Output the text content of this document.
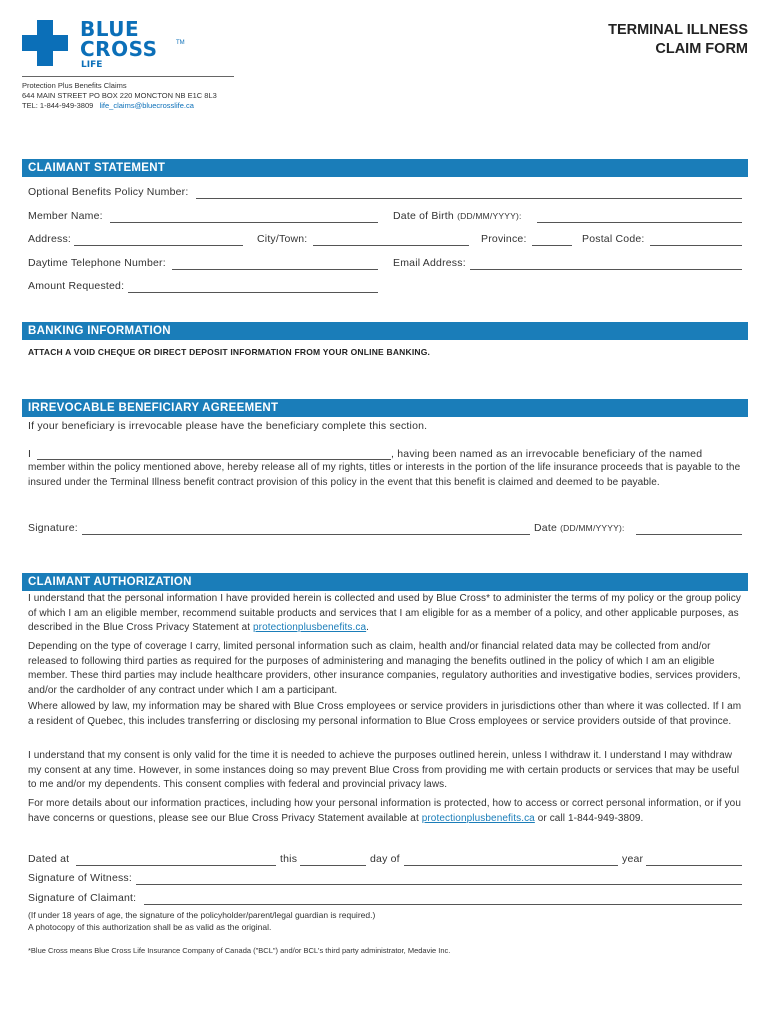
BLUE
CROSS	TM
LIFE
Protection Plus Benefits Claims
644 MAIN STREET PO BOX 220 MONCTON NB E1C 8L3
TEL: 1-844-949-3809 life_claims@bluecrosslife.ca
TERMINAL ILLNESS
CLAIM FORM
CLAIMANT STATEMENT
Optional Benefits Policy Number:
Member Name:	Date of Birth (DD/MM/YYYY):
Address:	City/Town:	Province:	Postal Code:
Daytime Telephone Number:	Email Address:
Amount Requested:
BANKING INFORMATION
ATTACH A VOID CHEQUE OR DIRECT DEPOSIT INFORMATION FROM YOUR ONLINE BANKING.
IRREVOCABLE BENEFICIARY AGREEMENT
If your beneficiary is irrevocable please have the beneficiary complete this section.
I	, having been named as an irrevocable beneficiary of the named
member within the policy mentioned above, hereby release all of my rights, titles or interests in the portion of the life insurance proceeds that is payable to the insured under the Terminal Illness benefit contract provision of this policy in the event that this benefit is claimed and deemed to be payable.
Signature:	Date (DD/MM/YYYY):
CLAIMANT AUTHORIZATION
I understand that the personal information I have provided herein is collected and used by Blue Cross* to administer the terms of my policy or the group policy of which I am an eligible member, recommend suitable products and services that I am eligible for as a member of a policy, and other applicable purposes, as described in the Blue Cross Privacy Statement at protectionplusbenefits.ca.
Depending on the type of coverage I carry, limited personal information such as claim, health and/or financial related data may be collected from and/or released to following third parties as required for the purposes of administering and managing the benefits outlined in the policy of which I am an eligible member. These third parties may include healthcare providers, other insurance companies, regulatory authorities and investigative bodies, services providers, and/or the cardholder of any contract under which I am a participant.
Where allowed by law, my information may be shared with Blue Cross employees or service providers in jurisdictions other than where it was collected. If I am a resident of Quebec, this includes transferring or disclosing my personal information to Blue Cross employees or service providers outside of that province.
I understand that my consent is only valid for the time it is needed to achieve the purposes outlined herein, unless I withdraw it. I understand I may withdraw my consent at any time. However, in some instances doing so may prevent Blue Cross from providing me with certain products or services that may be useful to me and/or my dependents. This consent complies with federal and provincial privacy laws.
For more details about our information practices, including how your personal information is protected, how to access or correct personal information, or if you have concerns or questions, please see our Blue Cross Privacy Statement available at protectionplusbenefits.ca or call 1-844-949-3809.
Dated at	this	day of	year
Signature of Witness:
Signature of Claimant:
(If under 18 years of age, the signature of the policyholder/parent/legal guardian is required.)
A photocopy of this authorization shall be as valid as the original.
*Blue Cross means Blue Cross Life Insurance Company of Canada ("BCL") and/or BCL's third party administrator, Medavie Inc.
